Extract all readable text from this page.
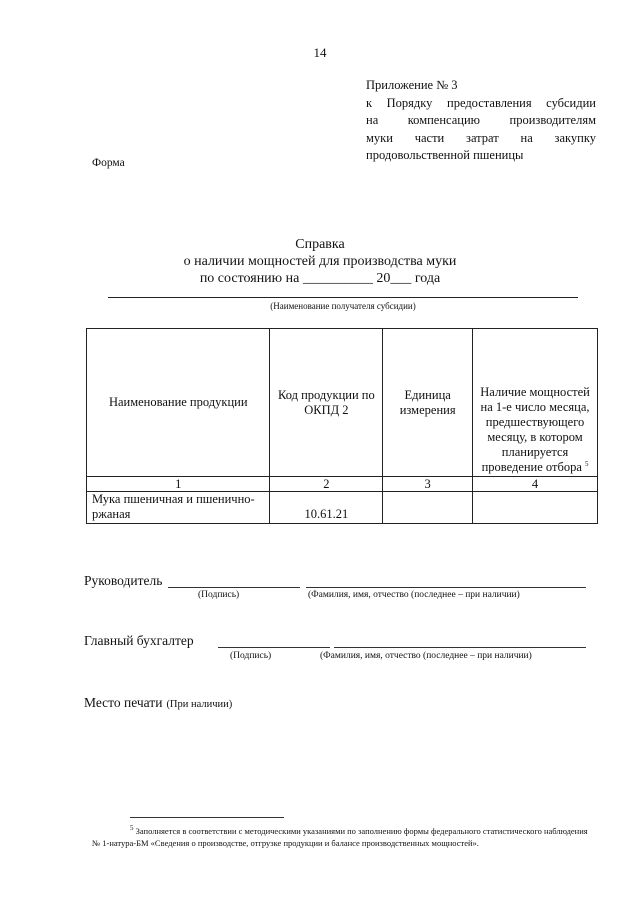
14
Приложение № 3
к Порядку предоставления субсидии
на компенсацию производителям
муки части затрат на закупку
продовольственной пшеницы
Форма
Справка
о наличии мощностей для производства муки
по состоянию на __________ 20___ года
(Наименование получателя субсидии)
Наименование продукции	Код продукции по ОКПД 2	Единица измерения	Наличие мощностей на 1-е число месяца, предшествующего месяцу, в котором планируется проведение отбора $^5$
1	2	3	4
Мука пшеничная и пшенично-ржаная	10.61.21		
Руководитель
(Подпись)	(Фамилия, имя, отчество (последнее – при наличии)
Главный бухгалтер
(Подпись)	(Фамилия, имя, отчество (последнее – при наличии)
Место печати (При наличии)
$^5$ Заполняется в соответствии с методическими указаниями по заполнению формы федерального статистического наблюдения
№ 1-натура-БМ «Сведения о производстве, отгрузке продукции и балансе производственных мощностей».
